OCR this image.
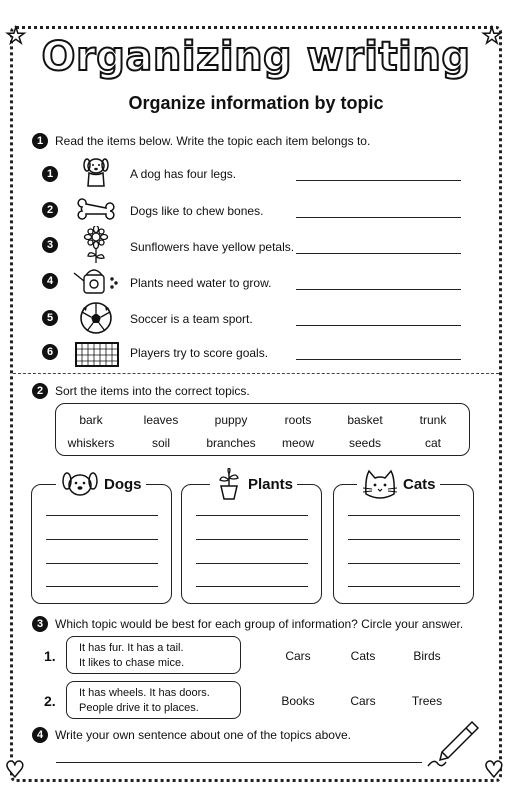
★	★
♥	♥
Organizing writing
Organize information by topic
1 Read the items below. Write the topic each item belongs to.
1	A dog has four legs.
2	Dogs like to chew bones.
3	Sunflowers have yellow petals.
4	Plants need water to grow.
5	Soccer is a team sport.
6	Players try to score goals.
2 Sort the items into the correct topics.
bark	leaves	puppy	roots	basket	trunk
whiskers	soil	branches	meow	seeds	cat
Dogs	Plants	Cats
3 Which topic would be best for each group of information? Circle your answer.
1. It has fur. It has a tail.
It likes to chase mice.	Cars	Cats	Birds
2. It has wheels. It has doors.
People drive it to places.	Books	Cars	Trees
4 Write your own sentence about one of the topics above.
